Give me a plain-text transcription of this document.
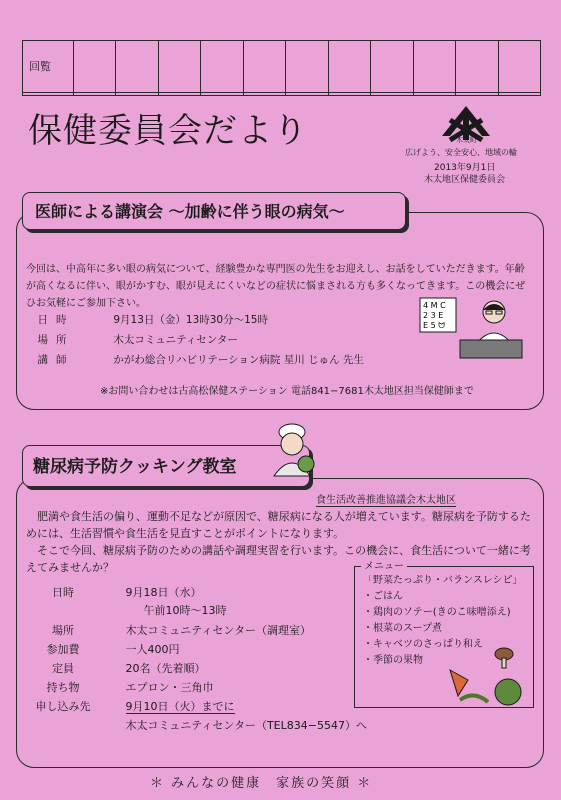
回覧											

保健委員会だより	木太町
広げよう、安全安心、地域の輪
2013年9月1日
木太地区保健委員会
医師による講演会 〜加齢に伴う眼の病気〜
今回は、中高年に多い眼の病気について、経験豊かな専門医の先生をお迎えし、お話をしていただきます。年齢が高くなるに伴い、眼がかすむ、眼が見えにくいなどの症状に悩まされる方も多くなってきます。この機会にぜひお気軽にご参加下さい。
日時	9月13日（金）13時30分〜15時
場所	木太コミュニティセンター
講師	かがわ総合リハビリテーション病院 星川 じゅん 先生
4 M C
2 3 E
E 5 ᗢ
※お問い合わせは古高松保健ステーション 電話841−7681木太地区担当保健師まで
糖尿病予防クッキング教室
食生活改善推進協議会木太地区
肥満や食生活の偏り、運動不足などが原因で、糖尿病になる人が増えています。糖尿病を予防するためには、生活習慣や食生活を見直すことがポイントになります。
そこで今回、糖尿病予防のための講話や調理実習を行います。この機会に、食生活について一緒に考えてみませんか？
日時	9月18日（水）
午前10時〜13時
場所	木太コミュニティセンター（調理室）
参加費	一人400円
定員	20名（先着順）
持ち物	エプロン・三角巾
申し込み先	9月10日（火）までに
木太コミュニティセンター（TEL834−5547）へ
メニュー
「野菜たっぷり・バランスレシピ」
・ごはん
・鶏肉のソテー(きのこ味噌添え)
・根菜のスープ煮
・キャベツのさっぱり和え
・季節の果物
＊ みんなの健康　家族の笑顔 ＊
